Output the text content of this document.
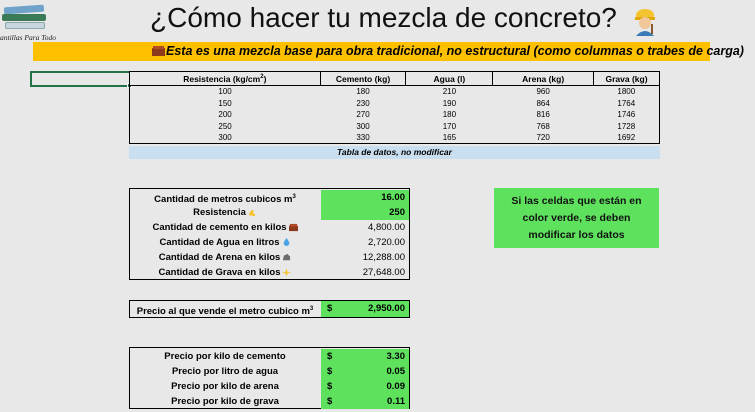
antillas Para Todo
¿Cómo hacer tu mezcla de concreto?
Esta es una mezcla base para obra tradicional, no estructural (como columnas o trabes de carga)
Resistencia $(kg/cm^2)$	Cemento (kg)	Agua (l)	Arena (kg)	Grava (kg)
100	180	210	960	1800
150	230	190	864	1764
200	270	180	816	1746
250	300	170	768	1728
300	330	165	720	1692
Tabla de datos, no modificar
Cantidad de metros cubicos $m^3$	16.00
Resistencia	250
Cantidad de cemento en kilos	4,800.00
Cantidad de Agua en litros	2,720.00
Cantidad de Arena en kilos	12,288.00
Cantidad de Grava en kilos	27,648.00
Si las celdas que están en
color verde, se deben
modificar los datos
Precio al que vende el metro cubico $m^3$	$	2,950.00
Precio por kilo de cemento	$	3.30
Precio por litro de agua	$	0.05
Precio por kilo de arena	$	0.09
Precio por kilo de grava	$	0.11
